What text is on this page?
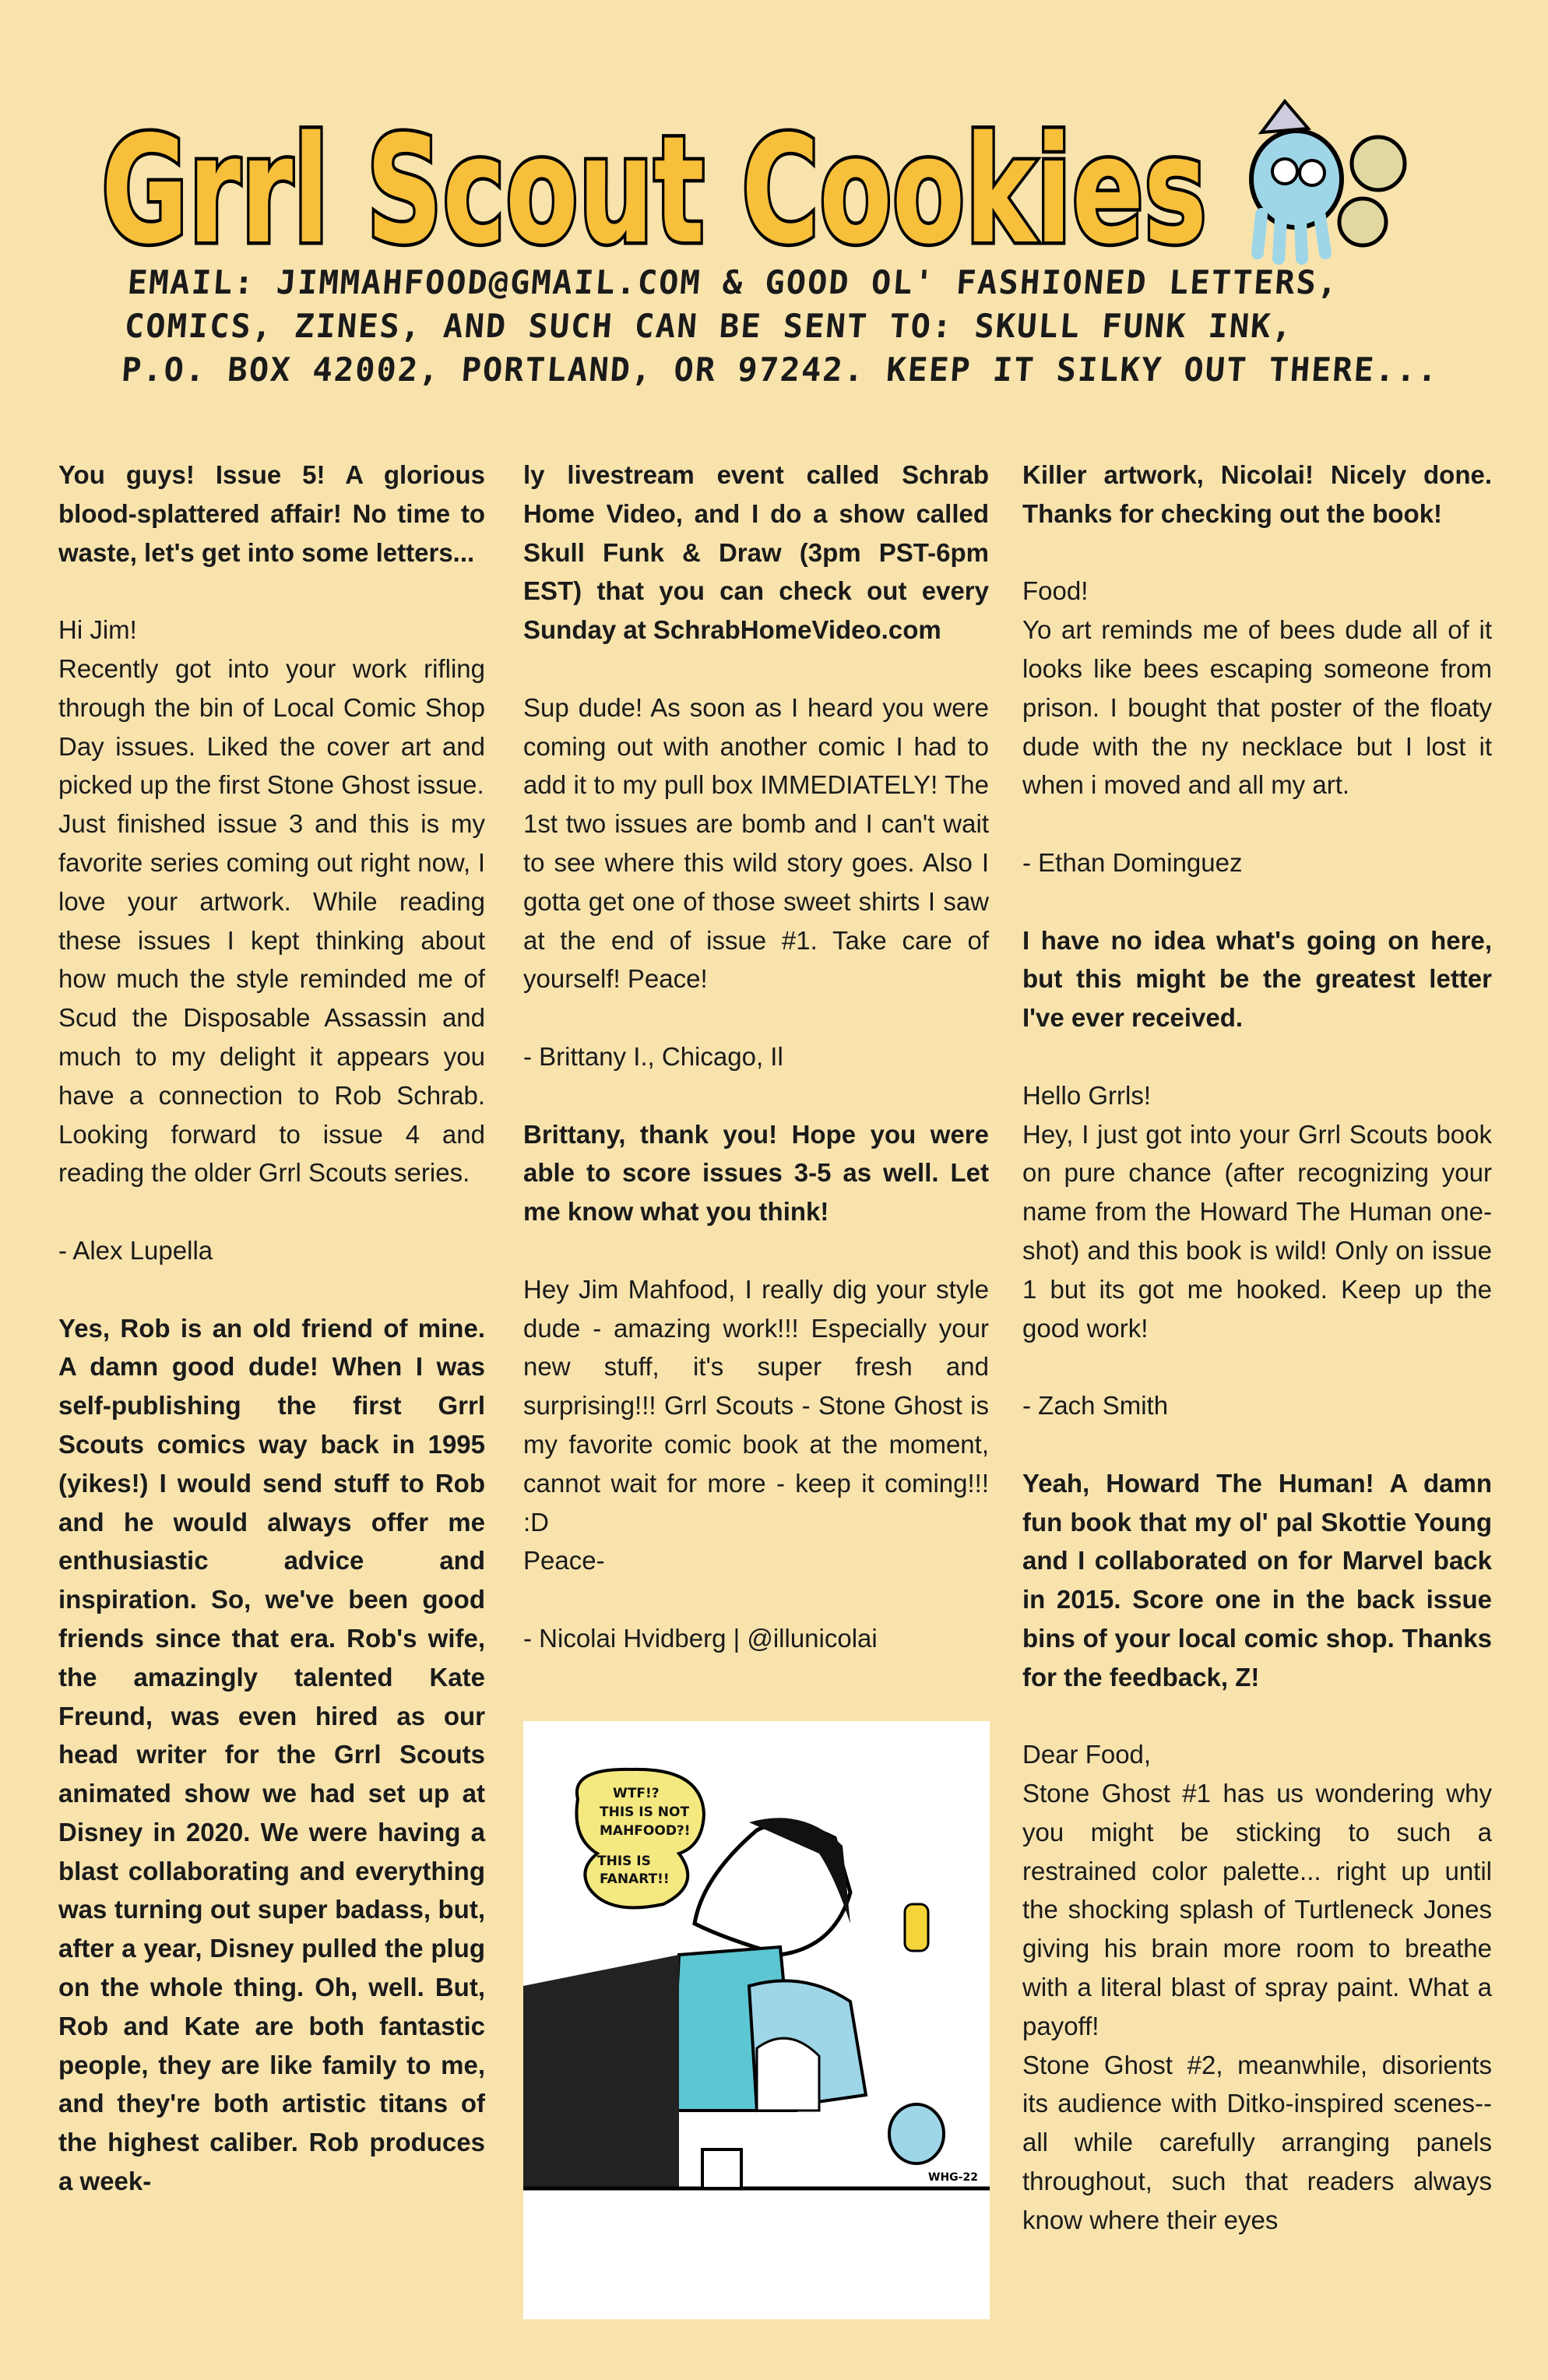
Grrl Scout Cookies
EMAIL: JIMMAHFOOD@GMAIL.COM & GOOD OL' FASHIONED LETTERS,
COMICS, ZINES, AND SUCH CAN BE SENT TO: SKULL FUNK INK,
P.O. BOX 42002, PORTLAND, OR 97242. KEEP IT SILKY OUT THERE...

You guys! Issue 5! A glorious blood-splattered affair! No time to waste, let's get into some letters...

Hi Jim!
Recently got into your work rifling through the bin of Local Comic Shop Day issues. Liked the cover art and picked up the first Stone Ghost issue.

Just finished issue 3 and this is my favorite series coming out right now, I love your artwork. While reading these issues I kept thinking about how much the style reminded me of Scud the Disposable Assassin and much to my delight it appears you have a connection to Rob Schrab. Looking forward to issue 4 and reading the older Grrl Scouts series.

- Alex Lupella

Yes, Rob is an old friend of mine. A damn good dude! When I was self-publishing the first Grrl Scouts comics way back in 1995 (yikes!) I would send stuff to Rob and he would always offer me enthusiastic advice and inspiration. So, we've been good friends since that era. Rob's wife, the amazingly talented Kate Freund, was even hired as our head writer for the Grrl Scouts animated show we had set up at Disney in 2020. We were having a blast collaborating and everything was turning out super badass, but, after a year, Disney pulled the plug on the whole thing. Oh, well. But, Rob and Kate are both fantastic people, they are like family to me, and they're both artistic titans of the highest caliber. Rob produces a week-

ly livestream event called Schrab Home Video, and I do a show called Skull Funk & Draw (3pm PST-6pm EST) that you can check out every Sunday at SchrabHomeVideo.com

Sup dude! As soon as I heard you were coming out with another comic I had to add it to my pull box IMMEDIATELY! The 1st two issues are bomb and I can't wait to see where this wild story goes. Also I gotta get one of those sweet shirts I saw at the end of issue #1. Take care of yourself! Peace!

- Brittany I., Chicago, Il

Brittany, thank you! Hope you were able to score issues 3-5 as well. Let me know what you think!

Hey Jim Mahfood, I really dig your style dude - amazing work!!! Especially your new stuff, it's super fresh and surprising!!! Grrl Scouts - Stone Ghost is my favorite comic book at the moment, cannot wait for more - keep it coming!!! :D

Peace-

- Nicolai Hvidberg | @illunicolai

WTF!?
THIS IS NOT
MAHFOOD?!
THIS IS
FANART!!
WHG-22

Killer artwork, Nicolai! Nicely done. Thanks for checking out the book!

Food!

Yo art reminds me of bees dude all of it looks like bees escaping someone from prison. I bought that poster of the floaty dude with the ny necklace but I lost it when i moved and all my art.

- Ethan Dominguez

I have no idea what's going on here, but this might be the greatest letter I've ever received.

Hello Grrls!

Hey, I just got into your Grrl Scouts book on pure chance (after recognizing your name from the Howard The Human one-shot) and this book is wild! Only on issue 1 but its got me hooked. Keep up the good work!

- Zach Smith

Yeah, Howard The Human! A damn fun book that my ol' pal Skottie Young and I collaborated on for Marvel back in 2015. Score one in the back issue bins of your local comic shop. Thanks for the feedback, Z!

Dear Food,
Stone Ghost #1 has us wondering why you might be sticking to such a restrained color palette... right up until the shocking splash of Turtleneck Jones giving his brain more room to breathe with a literal blast of spray paint. What a payoff!
Stone Ghost #2, meanwhile, disorients its audience with Ditko-inspired scenes-- all while carefully arranging panels throughout, such that readers always know where their eyes
